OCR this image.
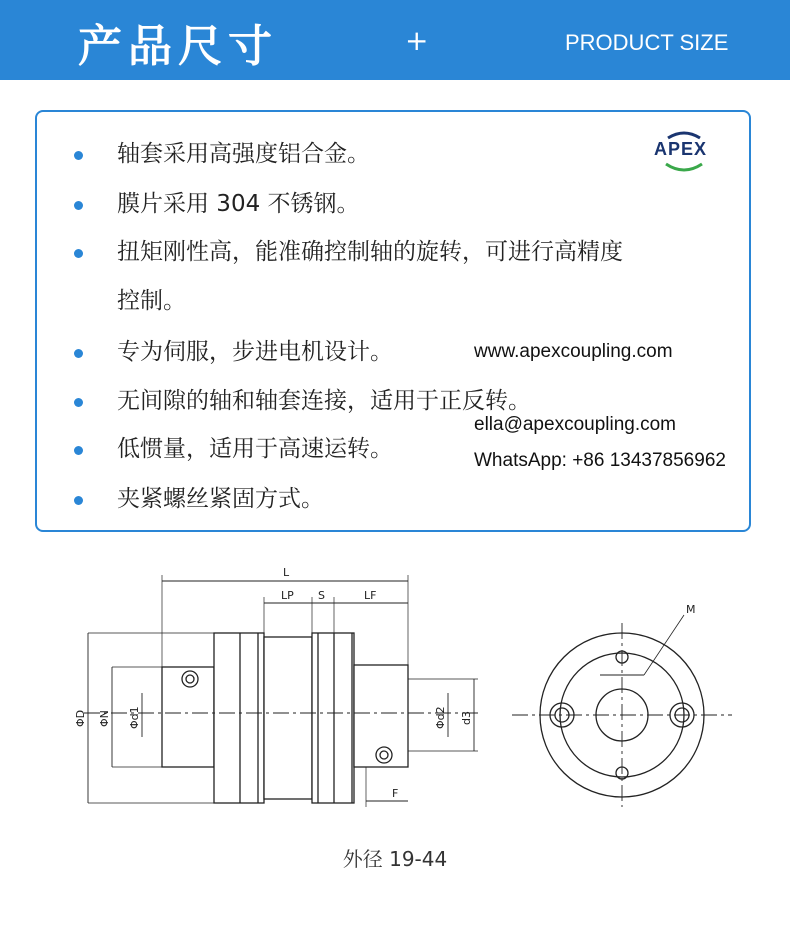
产品尺寸	+	PRODUCT SIZE
轴套采用高强度铝合金。
膜片采用 304 不锈钢。
扭矩刚性高，能准确控制轴的旋转，可进行高精度
控制。
专为伺服，步进电机设计。
无间隙的轴和轴套连接，适用于正反转。
低惯量，适用于高速运转。
夹紧螺丝紧固方式。
APEX
www.apexcoupling.com
ella@apexcoupling.com
WhatsApp: +86 13437856962
L
LP S	LF
F
M
ΦD ΦN Φd1	Φd2 d3
外径 19-44
